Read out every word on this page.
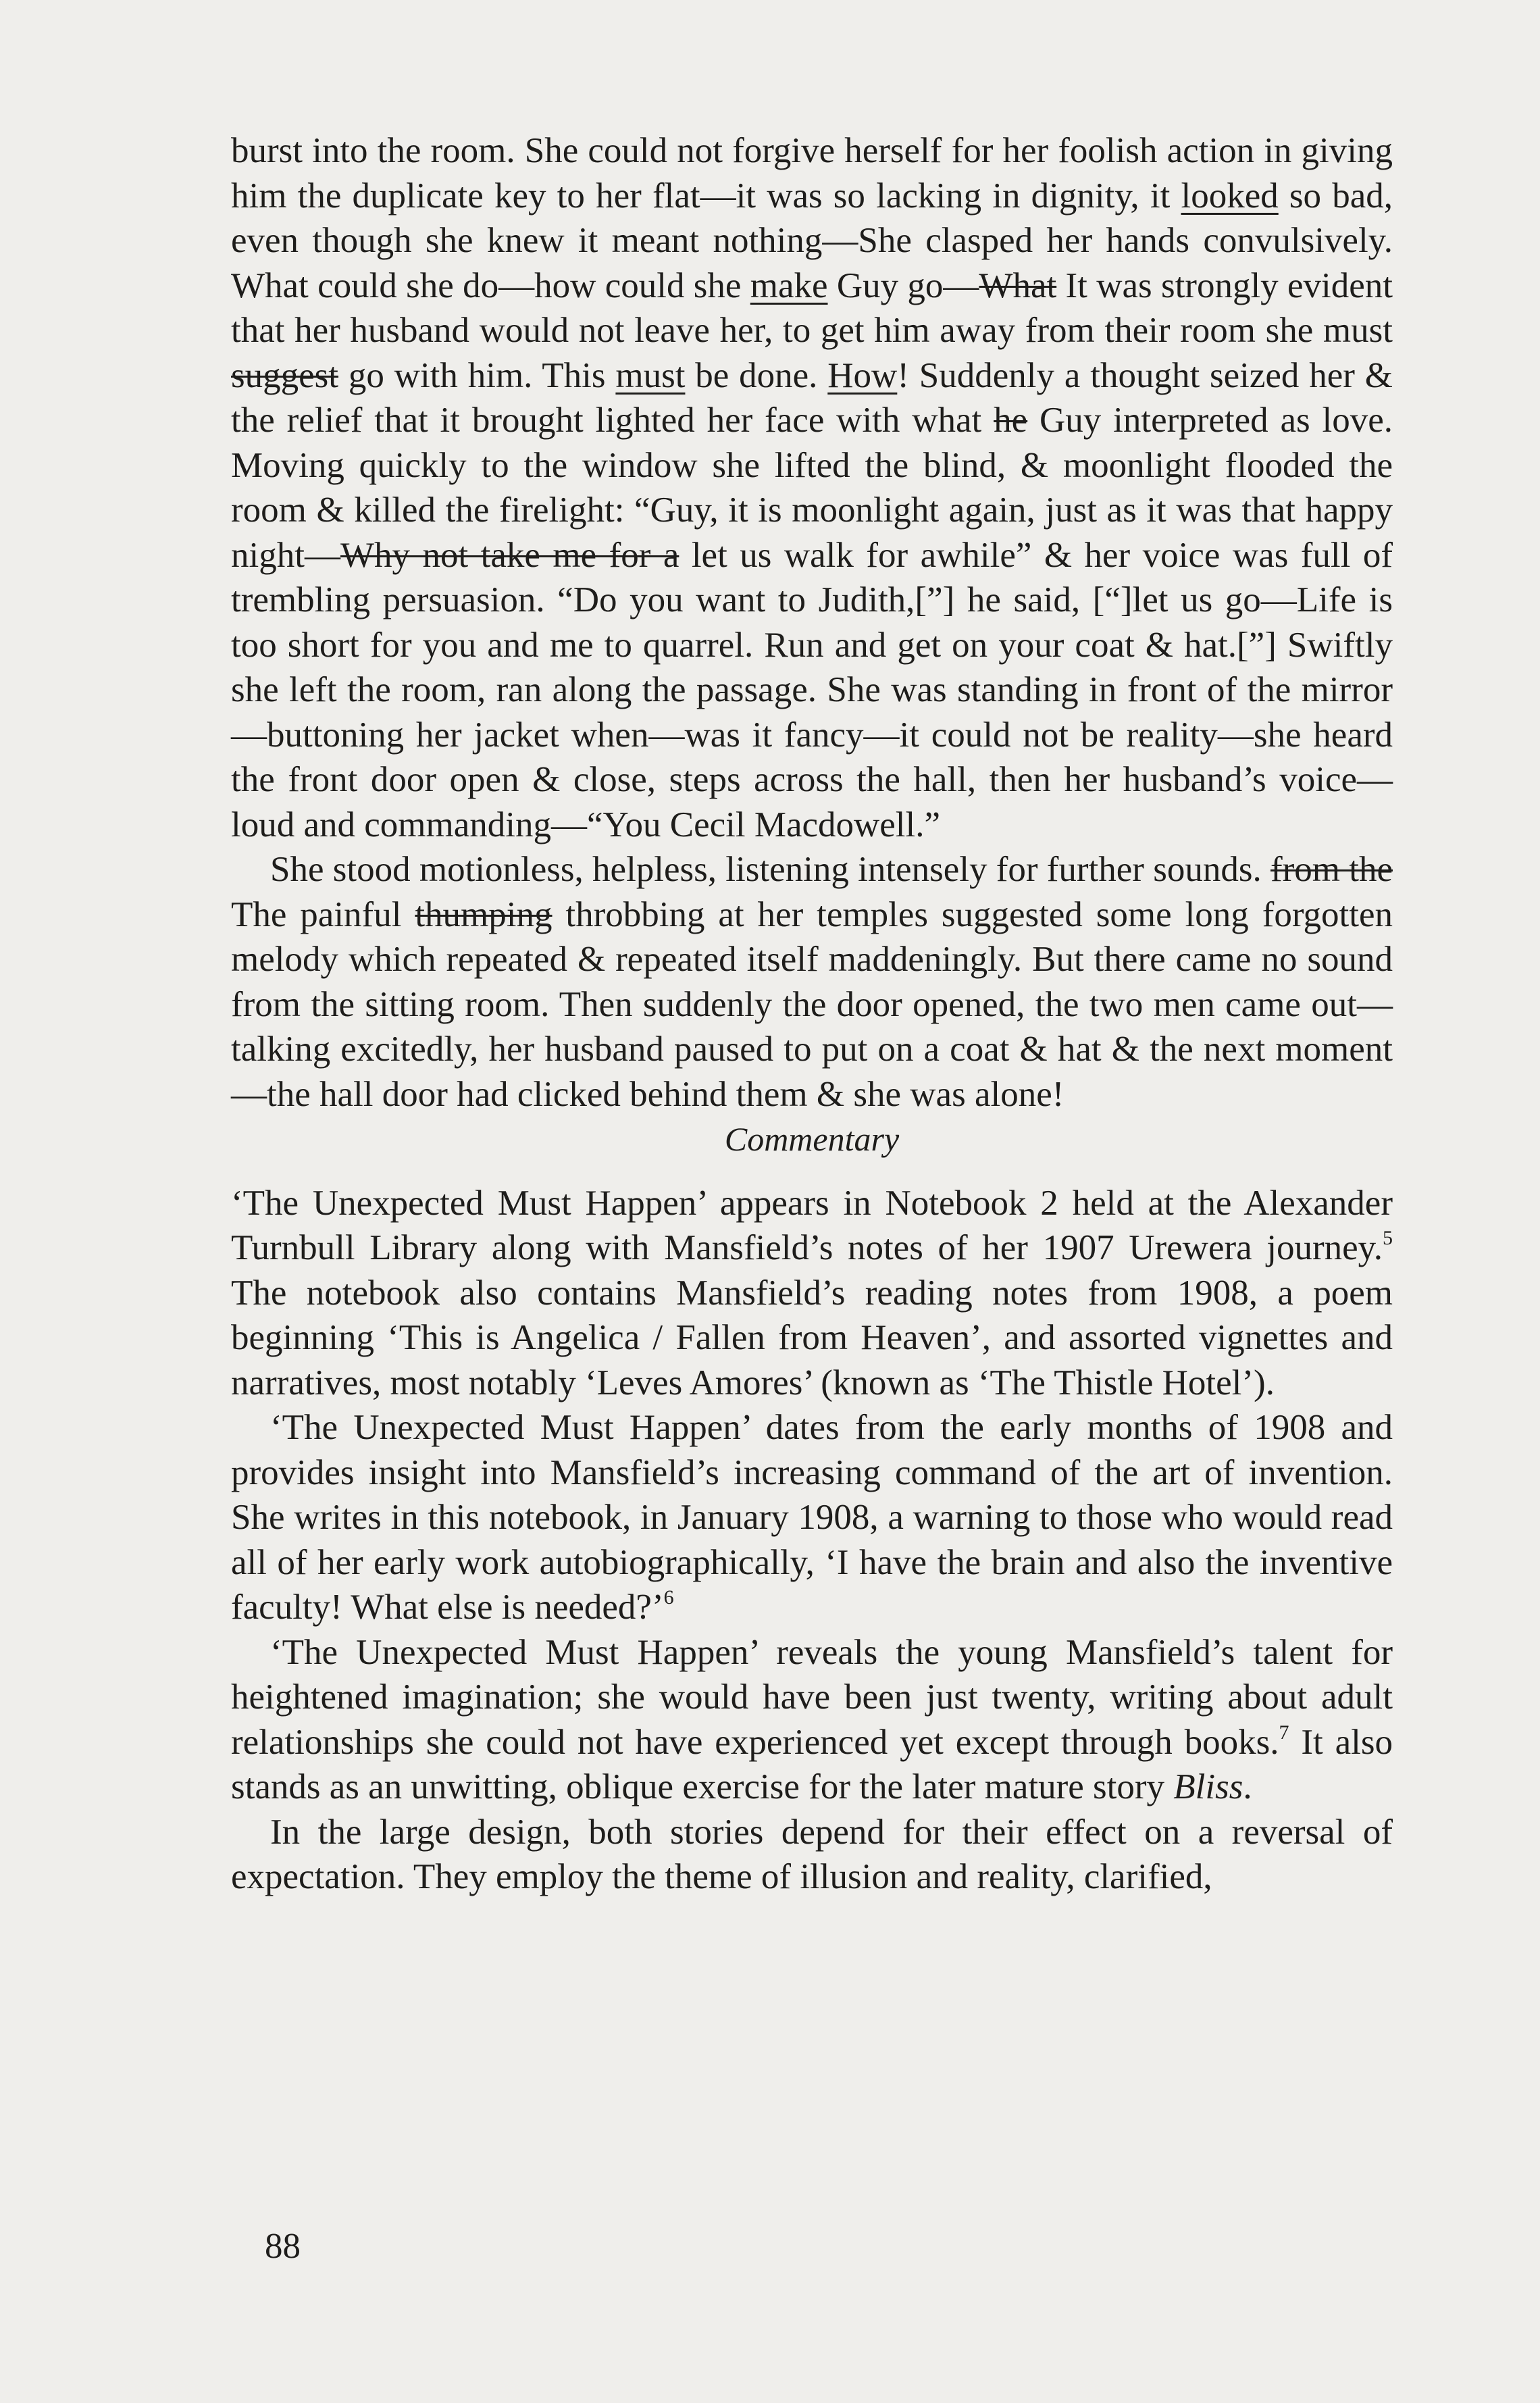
burst into the room. She could not forgive herself for her foolish action in giving him the duplicate key to her flat—it was so lacking in dignity, it looked so bad, even though she knew it meant nothing—She clasped her hands convulsively. What could she do—how could she make Guy go—What It was strongly evident that her husband would not leave her, to get him away from their room she must suggest go with him. This must be done. How! Suddenly a thought seized her & the relief that it brought lighted her face with what he Guy interpreted as love. Moving quickly to the window she lifted the blind, & moonlight flooded the room & killed the firelight: “Guy, it is moonlight again, just as it was that happy night—Why not take me for a let us walk for awhile” & her voice was full of trembling persuasion. “Do you want to Judith,[”] he said, [“]let us go—Life is too short for you and me to quarrel. Run and get on your coat & hat.[”] Swiftly she left the room, ran along the passage. She was standing in front of the mirror—buttoning her jacket when—was it fancy—it could not be reality—she heard the front door open & close, steps across the hall, then her husband’s voice—loud and commanding—“You Cecil Macdowell.”

She stood motionless, helpless, listening intensely for further sounds. from the The painful thumping throbbing at her temples suggested some long forgotten melody which repeated & repeated itself maddeningly. But there came no sound from the sitting room. Then suddenly the door opened, the two men came out—talking excitedly, her husband paused to put on a coat & hat & the next moment—the hall door had clicked behind them & she was alone!

Commentary

‘The Unexpected Must Happen’ appears in Notebook 2 held at the Alexander Turnbull Library along with Mansfield’s notes of her 1907 Urewera journey.$^5$ The notebook also contains Mansfield’s reading notes from 1908, a poem beginning ‘This is Angelica / Fallen from Heaven’, and assorted vignettes and narratives, most notably ‘Leves Amores’ (known as ‘The Thistle Hotel’).

‘The Unexpected Must Happen’ dates from the early months of 1908 and provides insight into Mansfield’s increasing command of the art of invention. She writes in this notebook, in January 1908, a warning to those who would read all of her early work autobiographically, ‘I have the brain and also the inventive faculty! What else is needed?’$^6$

‘The Unexpected Must Happen’ reveals the young Mansfield’s talent for heightened imagination; she would have been just twenty, writing about adult relationships she could not have experienced yet except through books.$^7$ It also stands as an unwitting, oblique exercise for the later mature story Bliss.

In the large design, both stories depend for their effect on a reversal of expectation. They employ the theme of illusion and reality, clarified,

88
